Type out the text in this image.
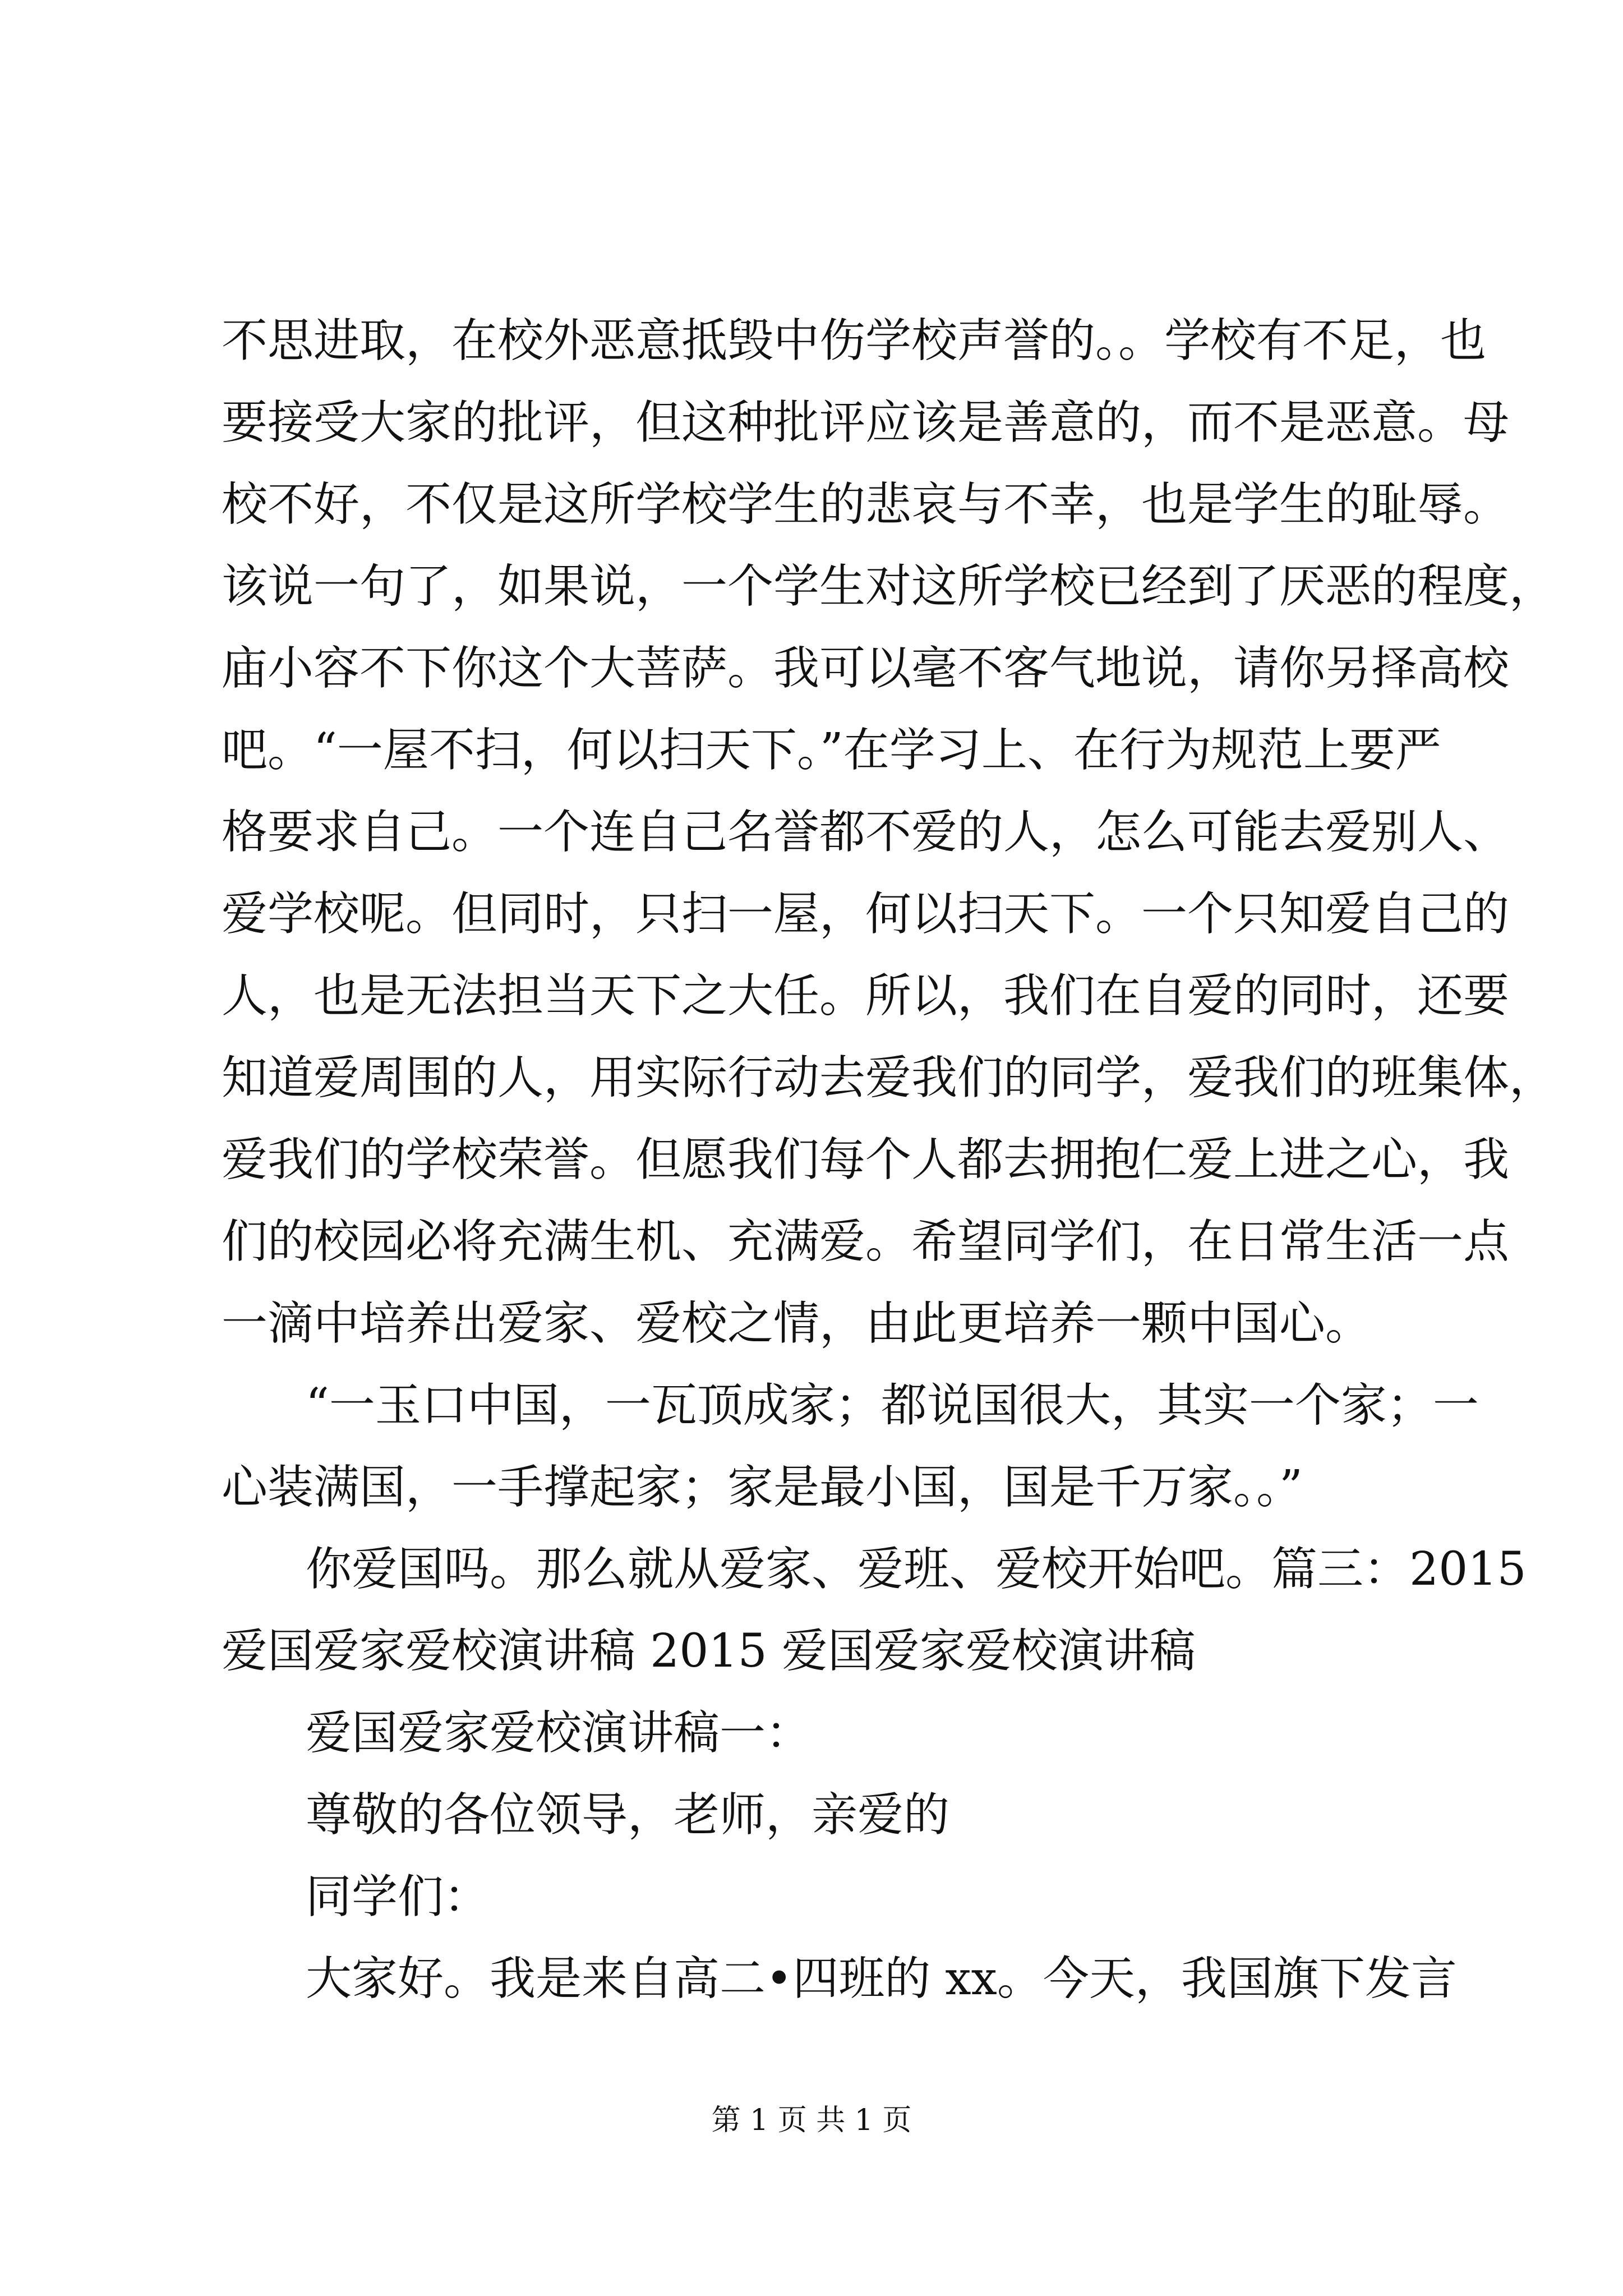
不思进取，在校外恶意抵毁中伤学校声誉的。。学校有不足，也
要接受大家的批评，但这种批评应该是善意的，而不是恶意。母
校不好，不仅是这所学校学生的悲哀与不幸，也是学生的耻辱。
该说一句了，如果说，一个学生对这所学校已经到了厌恶的程度，
庙小容不下你这个大菩萨。我可以毫不客气地说，请你另择高校
吧。“一屋不扫，何以扫天下。”在学习上、在行为规范上要严
格要求自己。一个连自己名誉都不爱的人，怎么可能去爱别人、
爱学校呢。但同时，只扫一屋，何以扫天下。一个只知爱自己的
人，也是无法担当天下之大任。所以，我们在自爱的同时，还要
知道爱周围的人，用实际行动去爱我们的同学，爱我们的班集体，
爱我们的学校荣誉。但愿我们每个人都去拥抱仁爱上进之心，我
们的校园必将充满生机、充满爱。希望同学们，在日常生活一点
一滴中培养出爱家、爱校之情，由此更培养一颗中国心。
“一玉口中国，一瓦顶成家；都说国很大，其实一个家；一
心装满国，一手撑起家；家是最小国，国是千万家。。”
你爱国吗。那么就从爱家、爱班、爱校开始吧。篇三：2015
爱国爱家爱校演讲稿 2015 爱国爱家爱校演讲稿
爱国爱家爱校演讲稿一：
尊敬的各位领导，老师，亲爱的
同学们：
大家好。我是来自高二•四班的 xx。今天，我国旗下发言
第 1 页 共 1 页
